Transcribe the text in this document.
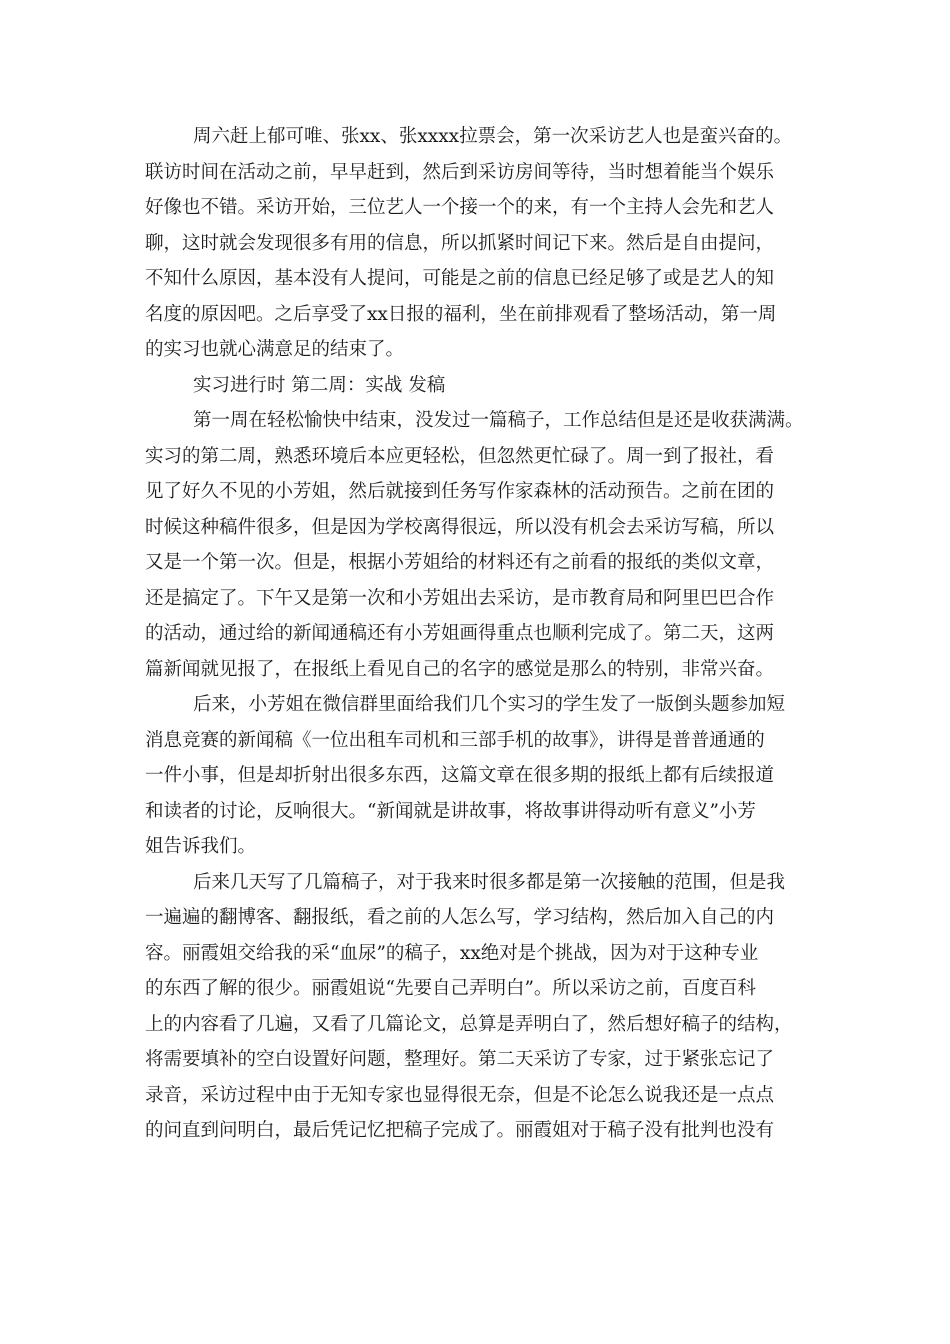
周六赶上郁可唯、张xx、张xxxx拉票会，第一次采访艺人也是蛮兴奋的。
联访时间在活动之前，早早赶到，然后到采访房间等待，当时想着能当个娱乐
好像也不错。采访开始，三位艺人一个接一个的来，有一个主持人会先和艺人
聊，这时就会发现很多有用的信息，所以抓紧时间记下来。然后是自由提问，
不知什么原因，基本没有人提问，可能是之前的信息已经足够了或是艺人的知
名度的原因吧。之后享受了xx日报的福利，坐在前排观看了整场活动，第一周
的实习也就心满意足的结束了。
实习进行时 第二周：实战 发稿
第一周在轻松愉快中结束，没发过一篇稿子，工作总结但是还是收获满满。
实习的第二周，熟悉环境后本应更轻松，但忽然更忙碌了。周一到了报社，看
见了好久不见的小芳姐，然后就接到任务写作家森林的活动预告。之前在团的
时候这种稿件很多，但是因为学校离得很远，所以没有机会去采访写稿，所以
又是一个第一次。但是，根据小芳姐给的材料还有之前看的报纸的类似文章，
还是搞定了。下午又是第一次和小芳姐出去采访，是市教育局和阿里巴巴合作
的活动，通过给的新闻通稿还有小芳姐画得重点也顺利完成了。第二天，这两
篇新闻就见报了，在报纸上看见自己的名字的感觉是那么的特别，非常兴奋。
后来，小芳姐在微信群里面给我们几个实习的学生发了一版倒头题参加短
消息竞赛的新闻稿《一位出租车司机和三部手机的故事》，讲得是普普通通的
一件小事，但是却折射出很多东西，这篇文章在很多期的报纸上都有后续报道
和读者的讨论，反响很大。“新闻就是讲故事，将故事讲得动听有意义”小芳
姐告诉我们。
后来几天写了几篇稿子，对于我来时很多都是第一次接触的范围，但是我
一遍遍的翻博客、翻报纸，看之前的人怎么写，学习结构，然后加入自己的内
容。丽霞姐交给我的采“血尿”的稿子，xx绝对是个挑战，因为对于这种专业
的东西了解的很少。丽霞姐说“先要自己弄明白”。所以采访之前，百度百科
上的内容看了几遍，又看了几篇论文，总算是弄明白了，然后想好稿子的结构，
将需要填补的空白设置好问题，整理好。第二天采访了专家，过于紧张忘记了
录音，采访过程中由于无知专家也显得很无奈，但是不论怎么说我还是一点点
的问直到问明白，最后凭记忆把稿子完成了。丽霞姐对于稿子没有批判也没有
